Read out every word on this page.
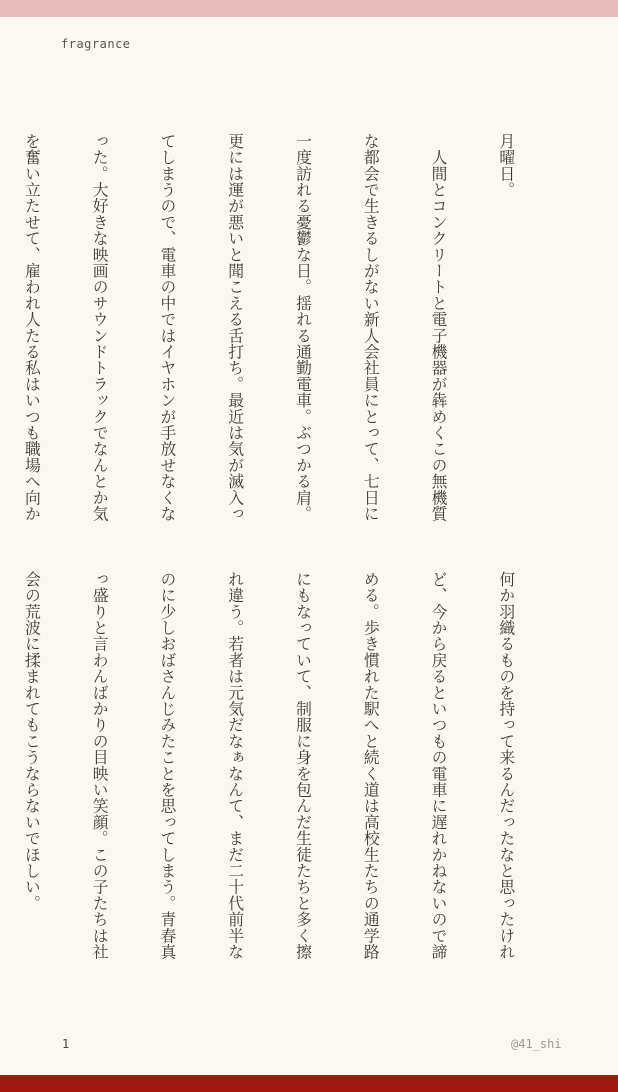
fragrance

月曜日。

　人間とコンクリートと電子機器が犇めくこの無機質

な都会で生きるしがない新人会社員にとって、七日に

一度訪れる憂鬱な日。揺れる通勤電車。ぶつかる肩。

更には運が悪いと聞こえる舌打ち。最近は気が滅入っ

てしまうので、電車の中ではイヤホンが手放せなくな

った。大好きな映画のサウンドトラックでなんとか気

を奮い立たせて、雇われ人たる私はいつも職場へ向か

何か羽織るものを持って来るんだったなと思ったけれ

ど、今から戻るといつもの電車に遅れかねないので諦

める。歩き慣れた駅へと続く道は高校生たちの通学路

にもなっていて、制服に身を包んだ生徒たちと多く擦

れ違う。若者は元気だなぁなんて、まだ二十代前半な

のに少しおばさんじみたことを思ってしまう。青春真

っ盛りと言わんばかりの目映い笑顔。この子たちは社

会の荒波に揉まれてもこうならないでほしい。

1	@41_shi
